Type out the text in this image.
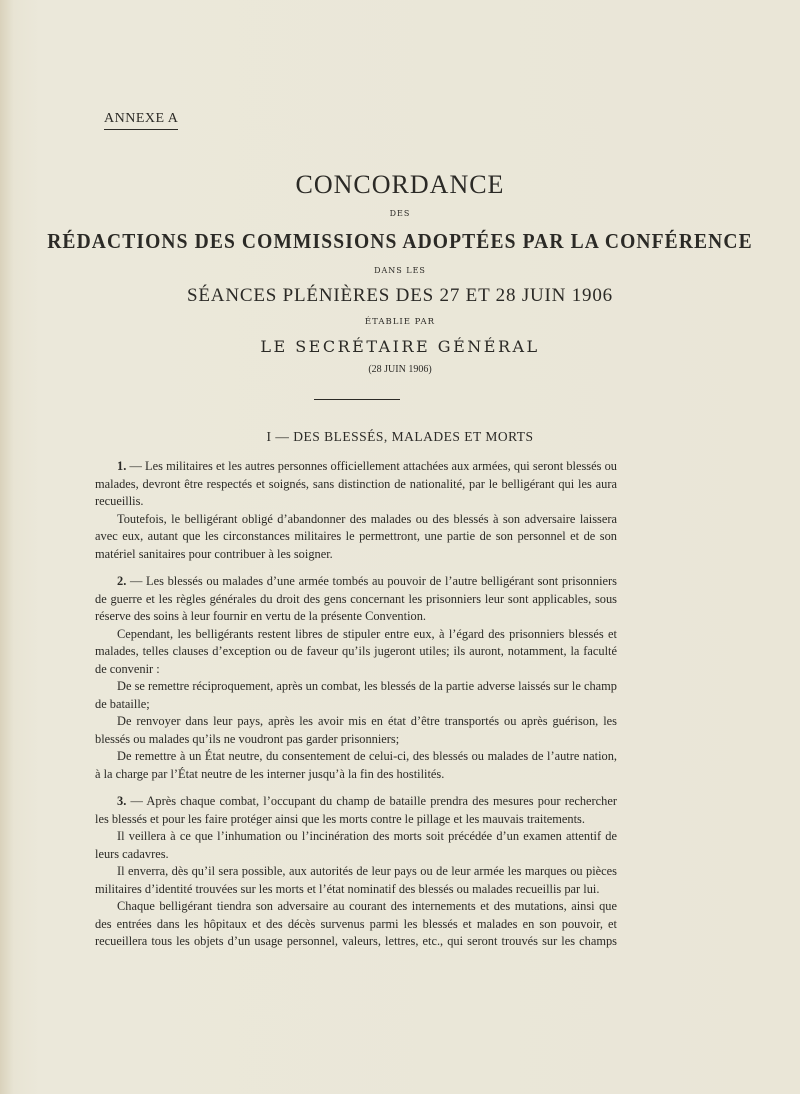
ANNEXE A
CONCORDANCE
DES
RÉDACTIONS DES COMMISSIONS ADOPTÉES PAR LA CONFÉRENCE
DANS LES
SÉANCES PLÉNIÈRES DES 27 ET 28 JUIN 1906
ÉTABLIE PAR
LE SECRÉTAIRE GÉNÉRAL
(28 JUIN 1906)
I — DES BLESSÉS, MALADES ET MORTS

1. — Les militaires et les autres personnes officiellement attachées aux armées, qui seront blessés ou malades, devront être respectés et soignés, sans distinction de nationalité, par le belligérant qui les aura recueillis.

Toutefois, le belligérant obligé d’abandonner des malades ou des blessés à son adversaire laissera avec eux, autant que les circonstances militaires le permettront, une partie de son personnel et de son matériel sanitaires pour contribuer à les soigner.

2. — Les blessés ou malades d’une armée tombés au pouvoir de l’autre belligérant sont prisonniers de guerre et les règles générales du droit des gens concernant les prisonniers leur sont applicables, sous réserve des soins à leur fournir en vertu de la présente Convention.

Cependant, les belligérants restent libres de stipuler entre eux, à l’égard des prisonniers blessés et malades, telles clauses d’exception ou de faveur qu’ils jugeront utiles; ils auront, notamment, la faculté de convenir :

De se remettre réciproquement, après un combat, les blessés de la partie adverse laissés sur le champ de bataille;

De renvoyer dans leur pays, après les avoir mis en état d’être transportés ou après guérison, les blessés ou malades qu’ils ne voudront pas garder prisonniers;

De remettre à un État neutre, du consentement de celui-ci, des blessés ou malades de l’autre nation, à la charge par l’État neutre de les interner jusqu’à la fin des hostilités.

3. — Après chaque combat, l’occupant du champ de bataille prendra des mesures pour rechercher les blessés et pour les faire protéger ainsi que les morts contre le pillage et les mauvais traitements.

Il veillera à ce que l’inhumation ou l’incinération des morts soit précédée d’un examen attentif de leurs cadavres.

Il enverra, dès qu’il sera possible, aux autorités de leur pays ou de leur armée les marques ou pièces militaires d’identité trouvées sur les morts et l’état nominatif des blessés ou malades recueillis par lui.

Chaque belligérant tiendra son adversaire au courant des internements et des mutations, ainsi que des entrées dans les hôpitaux et des décès survenus parmi les blessés et malades en son pouvoir, et recueillera tous les objets d’un usage personnel, valeurs, lettres, etc., qui seront trouvés sur les champs
